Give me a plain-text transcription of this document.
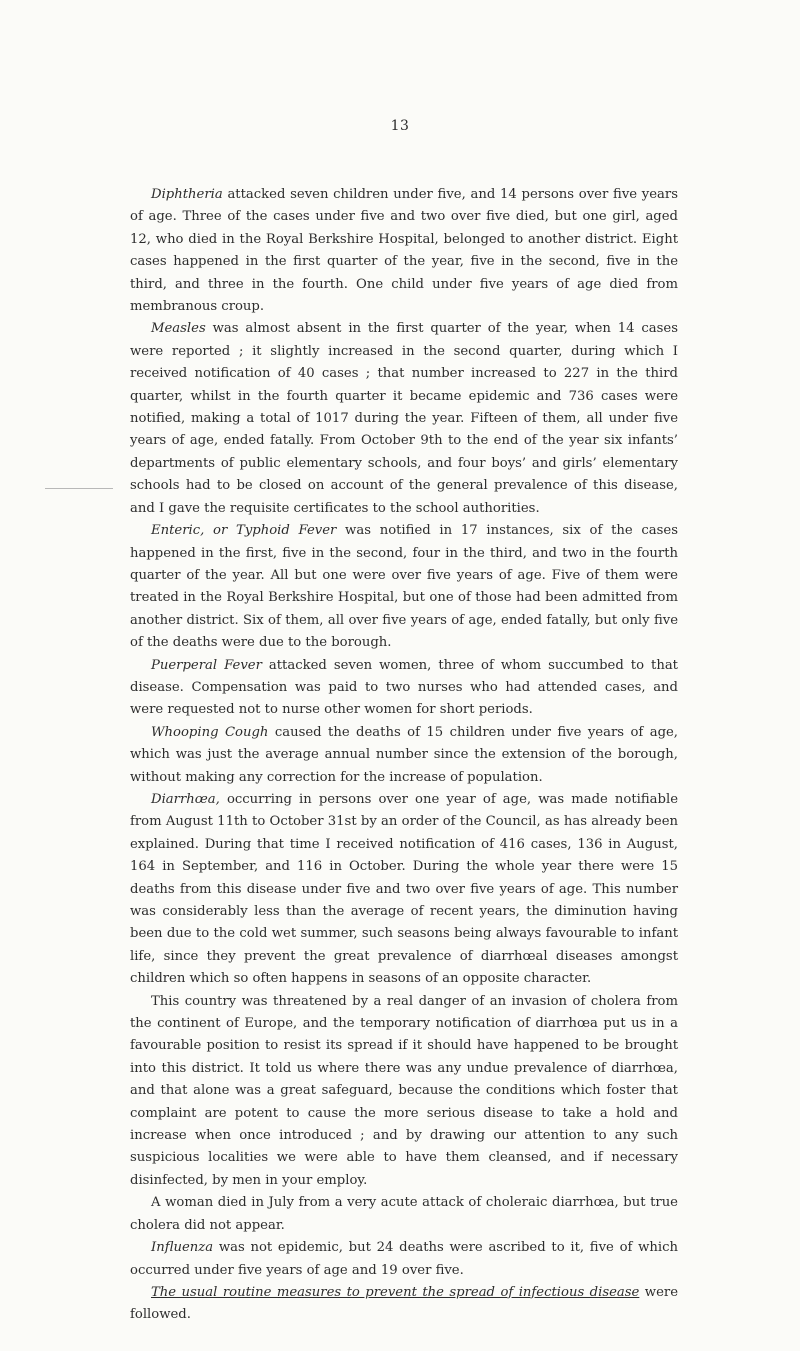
13

Diphtheria attacked seven children under five, and 14 persons over five years of age. Three of the cases under five and two over five died, but one girl, aged 12, who died in the Royal Berkshire Hospital, belonged to another district. Eight cases happened in the first quarter of the year, five in the second, five in the third, and three in the fourth. One child under five years of age died from membranous croup.

Measles was almost absent in the first quarter of the year, when 14 cases were reported ; it slightly increased in the second quarter, during which I received notification of 40 cases ; that number increased to 227 in the third quarter, whilst in the fourth quarter it became epidemic and 736 cases were notified, making a total of 1017 during the year. Fifteen of them, all under five years of age, ended fatally. From October 9th to the end of the year six infants’ departments of public elementary schools, and four boys’ and girls’ elementary schools had to be closed on account of the general prevalence of this disease, and I gave the requisite certificates to the school authorities.

Enteric, or Typhoid Fever was notified in 17 instances, six of the cases happened in the first, five in the second, four in the third, and two in the fourth quarter of the year. All but one were over five years of age. Five of them were treated in the Royal Berkshire Hospital, but one of those had been admitted from another district. Six of them, all over five years of age, ended fatally, but only five of the deaths were due to the borough.

Puerperal Fever attacked seven women, three of whom succumbed to that disease. Compensation was paid to two nurses who had attended cases, and were requested not to nurse other women for short periods.

Whooping Cough caused the deaths of 15 children under five years of age, which was just the average annual number since the extension of the borough, without making any correction for the increase of population.

Diarrhœa, occurring in persons over one year of age, was made notifiable from August 11th to October 31st by an order of the Council, as has already been explained. During that time I received notification of 416 cases, 136 in August, 164 in September, and 116 in October. During the whole year there were 15 deaths from this disease under five and two over five years of age. This number was considerably less than the average of recent years, the diminution having been due to the cold wet summer, such seasons being always favourable to infant life, since they prevent the great prevalence of diarrhœal diseases amongst children which so often happens in seasons of an opposite character.

This country was threatened by a real danger of an invasion of cholera from the continent of Europe, and the temporary notification of diarrhœa put us in a favourable position to resist its spread if it should have happened to be brought into this district. It told us where there was any undue prevalence of diarrhœa, and that alone was a great safeguard, because the conditions which foster that complaint are potent to cause the more serious disease to take a hold and increase when once introduced ; and by drawing our attention to any such suspicious localities we were able to have them cleansed, and if necessary disinfected, by men in your employ.

A woman died in July from a very acute attack of choleraic diarrhœa, but true cholera did not appear.

Influenza was not epidemic, but 24 deaths were ascribed to it, five of which occurred under five years of age and 19 over five.

The usual routine measures to prevent the spread of infectious disease were followed.
